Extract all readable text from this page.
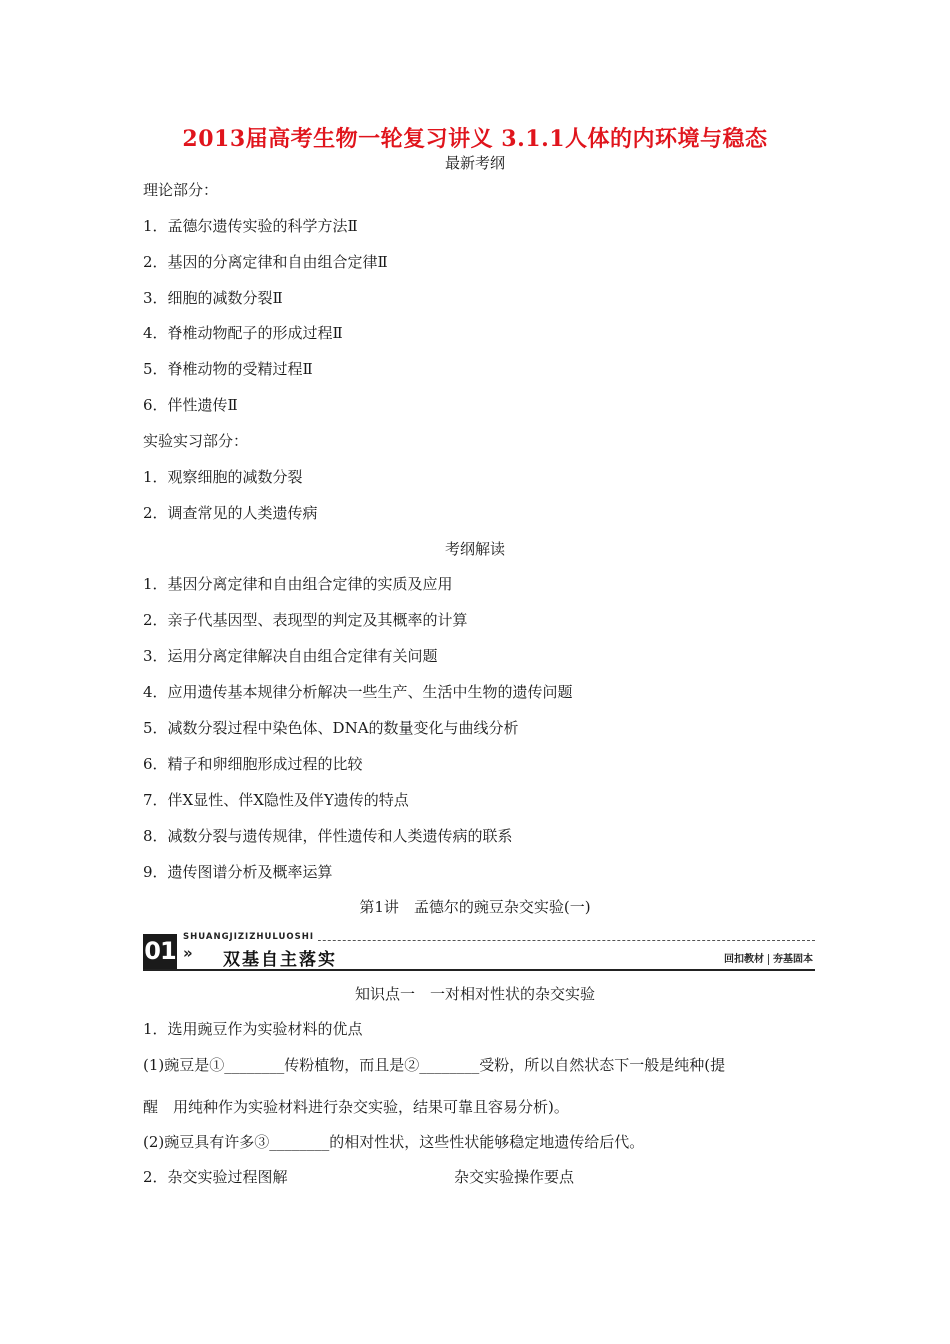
2013届高考生物一轮复习讲义 3.1.1人体的内环境与稳态
最新考纲
理论部分：
1．孟德尔遗传实验的科学方法Ⅱ
2．基因的分离定律和自由组合定律Ⅱ
3．细胞的减数分裂Ⅱ
4．脊椎动物配子的形成过程Ⅱ
5．脊椎动物的受精过程Ⅱ
6．伴性遗传Ⅱ
实验实习部分：
1．观察细胞的减数分裂
2．调查常见的人类遗传病
考纲解读
1．基因分离定律和自由组合定律的实质及应用
2．亲子代基因型、表现型的判定及其概率的计算
3．运用分离定律解决自由组合定律有关问题
4．应用遗传基本规律分析解决一些生产、生活中生物的遗传问题
5．减数分裂过程中染色体、DNA的数量变化与曲线分析
6．精子和卵细胞形成过程的比较
7．伴X显性、伴X隐性及伴Y遗传的特点
8．减数分裂与遗传规律，伴性遗传和人类遗传病的联系
9．遗传图谱分析及概率运算
第1讲　孟德尔的豌豆杂交实验(一)
01 SHUANGJIZIZHULUOSHI
» 双基自主落实	回扣教材 夯基固本
知识点一　一对相对性状的杂交实验
1．选用豌豆作为实验材料的优点
(1)豌豆是①________传粉植物，而且是②________受粉，所以自然状态下一般是纯种(提
醒　用纯种作为实验材料进行杂交实验，结果可靠且容易分析)。
(2)豌豆具有许多③________的相对性状，这些性状能够稳定地遗传给后代。
2．杂交实验过程图解	杂交实验操作要点
